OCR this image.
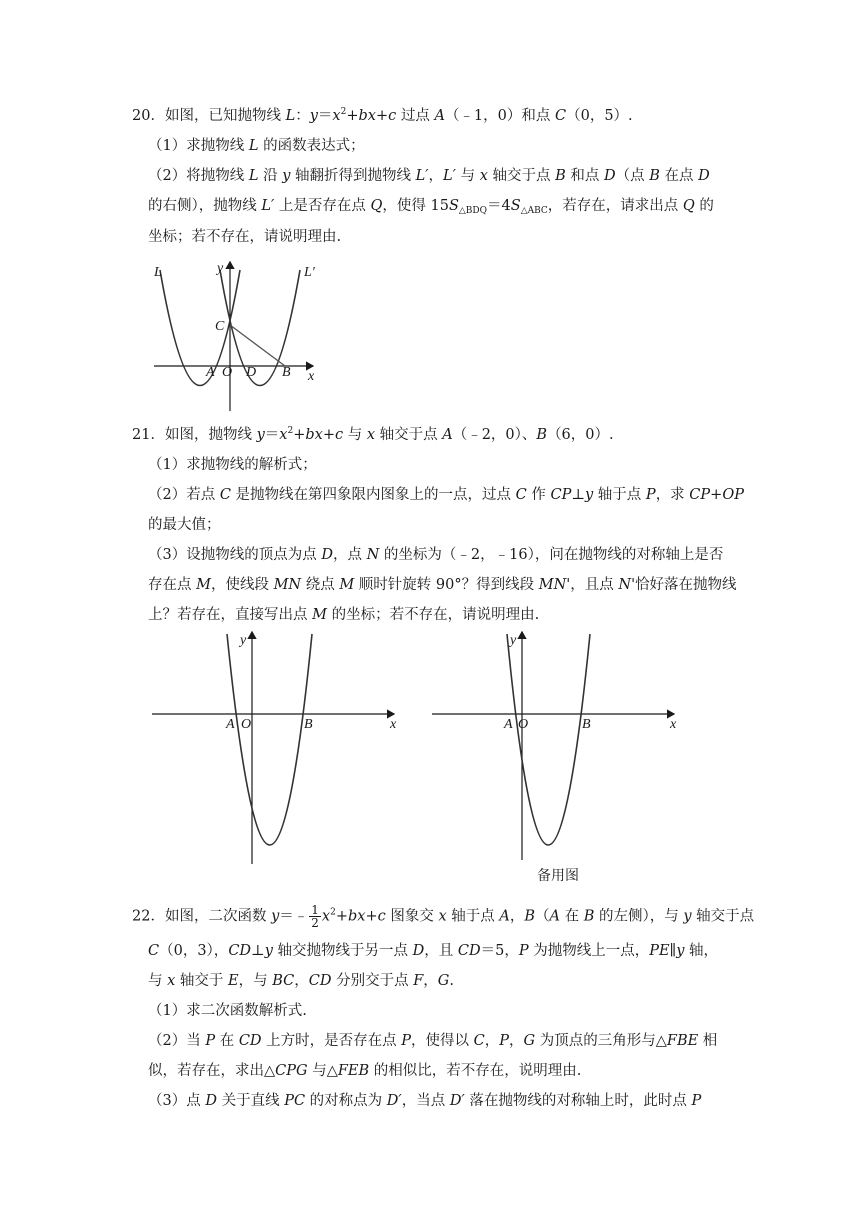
20．如图，已知抛物线 L：$y=x^2+bx+c$ 过点 A（﹣1，0）和点 C（0，5）.
（1）求抛物线 L 的函数表达式；
（2）将抛物线 L 沿 y 轴翻折得到抛物线 L′，L′ 与 x 轴交于点 B 和点 D（点 B 在点 D
的右侧），抛物线 L′ 上是否存在点 Q，使得 $15S_{\triangle BDQ}=4S_{\triangle ABC}$，若存在，请求出点 Q 的
坐标；若不存在，请说明理由.
L	L′
y
C
A O D B x
21．如图，抛物线 $y=x^2+bx+c$ 与 x 轴交于点 A（﹣2，0）、B（6，0）.
（1）求抛物线的解析式；
（2）若点 C 是抛物线在第四象限内图象上的一点，过点 C 作 CP⊥y 轴于点 P，求 CP+OP
的最大值；
（3）设抛物线的顶点为点 D，点 N 的坐标为（﹣2，﹣16），问在抛物线的对称轴上是否
存在点 M，使线段 MN 绕点 M 顺时针旋转 90°？得到线段 MN'，且点 N'恰好落在抛物线
上？若存在，直接写出点 M 的坐标；若不存在，请说明理由.
y
A O	B	x
y
A O	B	x
备用图
22．如图，二次函数 y＝﹣ $\frac{1}{2} x^2+bx+c$ 图象交 x 轴于点 A，B（A 在 B 的左侧），与 y 轴交于点
C（0，3），CD⊥y 轴交抛物线于另一点 D，且 CD＝5，P 为抛物线上一点，PE∥y 轴，
与 x 轴交于 E，与 BC，CD 分别交于点 F，G.
（1）求二次函数解析式.
（2）当 P 在 CD 上方时，是否存在点 P，使得以 C，P，G 为顶点的三角形与△FBE 相
似，若存在，求出△CPG 与△FEB 的相似比，若不存在，说明理由.
（3）点 D 关于直线 PC 的对称点为 D′，当点 D′ 落在抛物线的对称轴上时，此时点 P
